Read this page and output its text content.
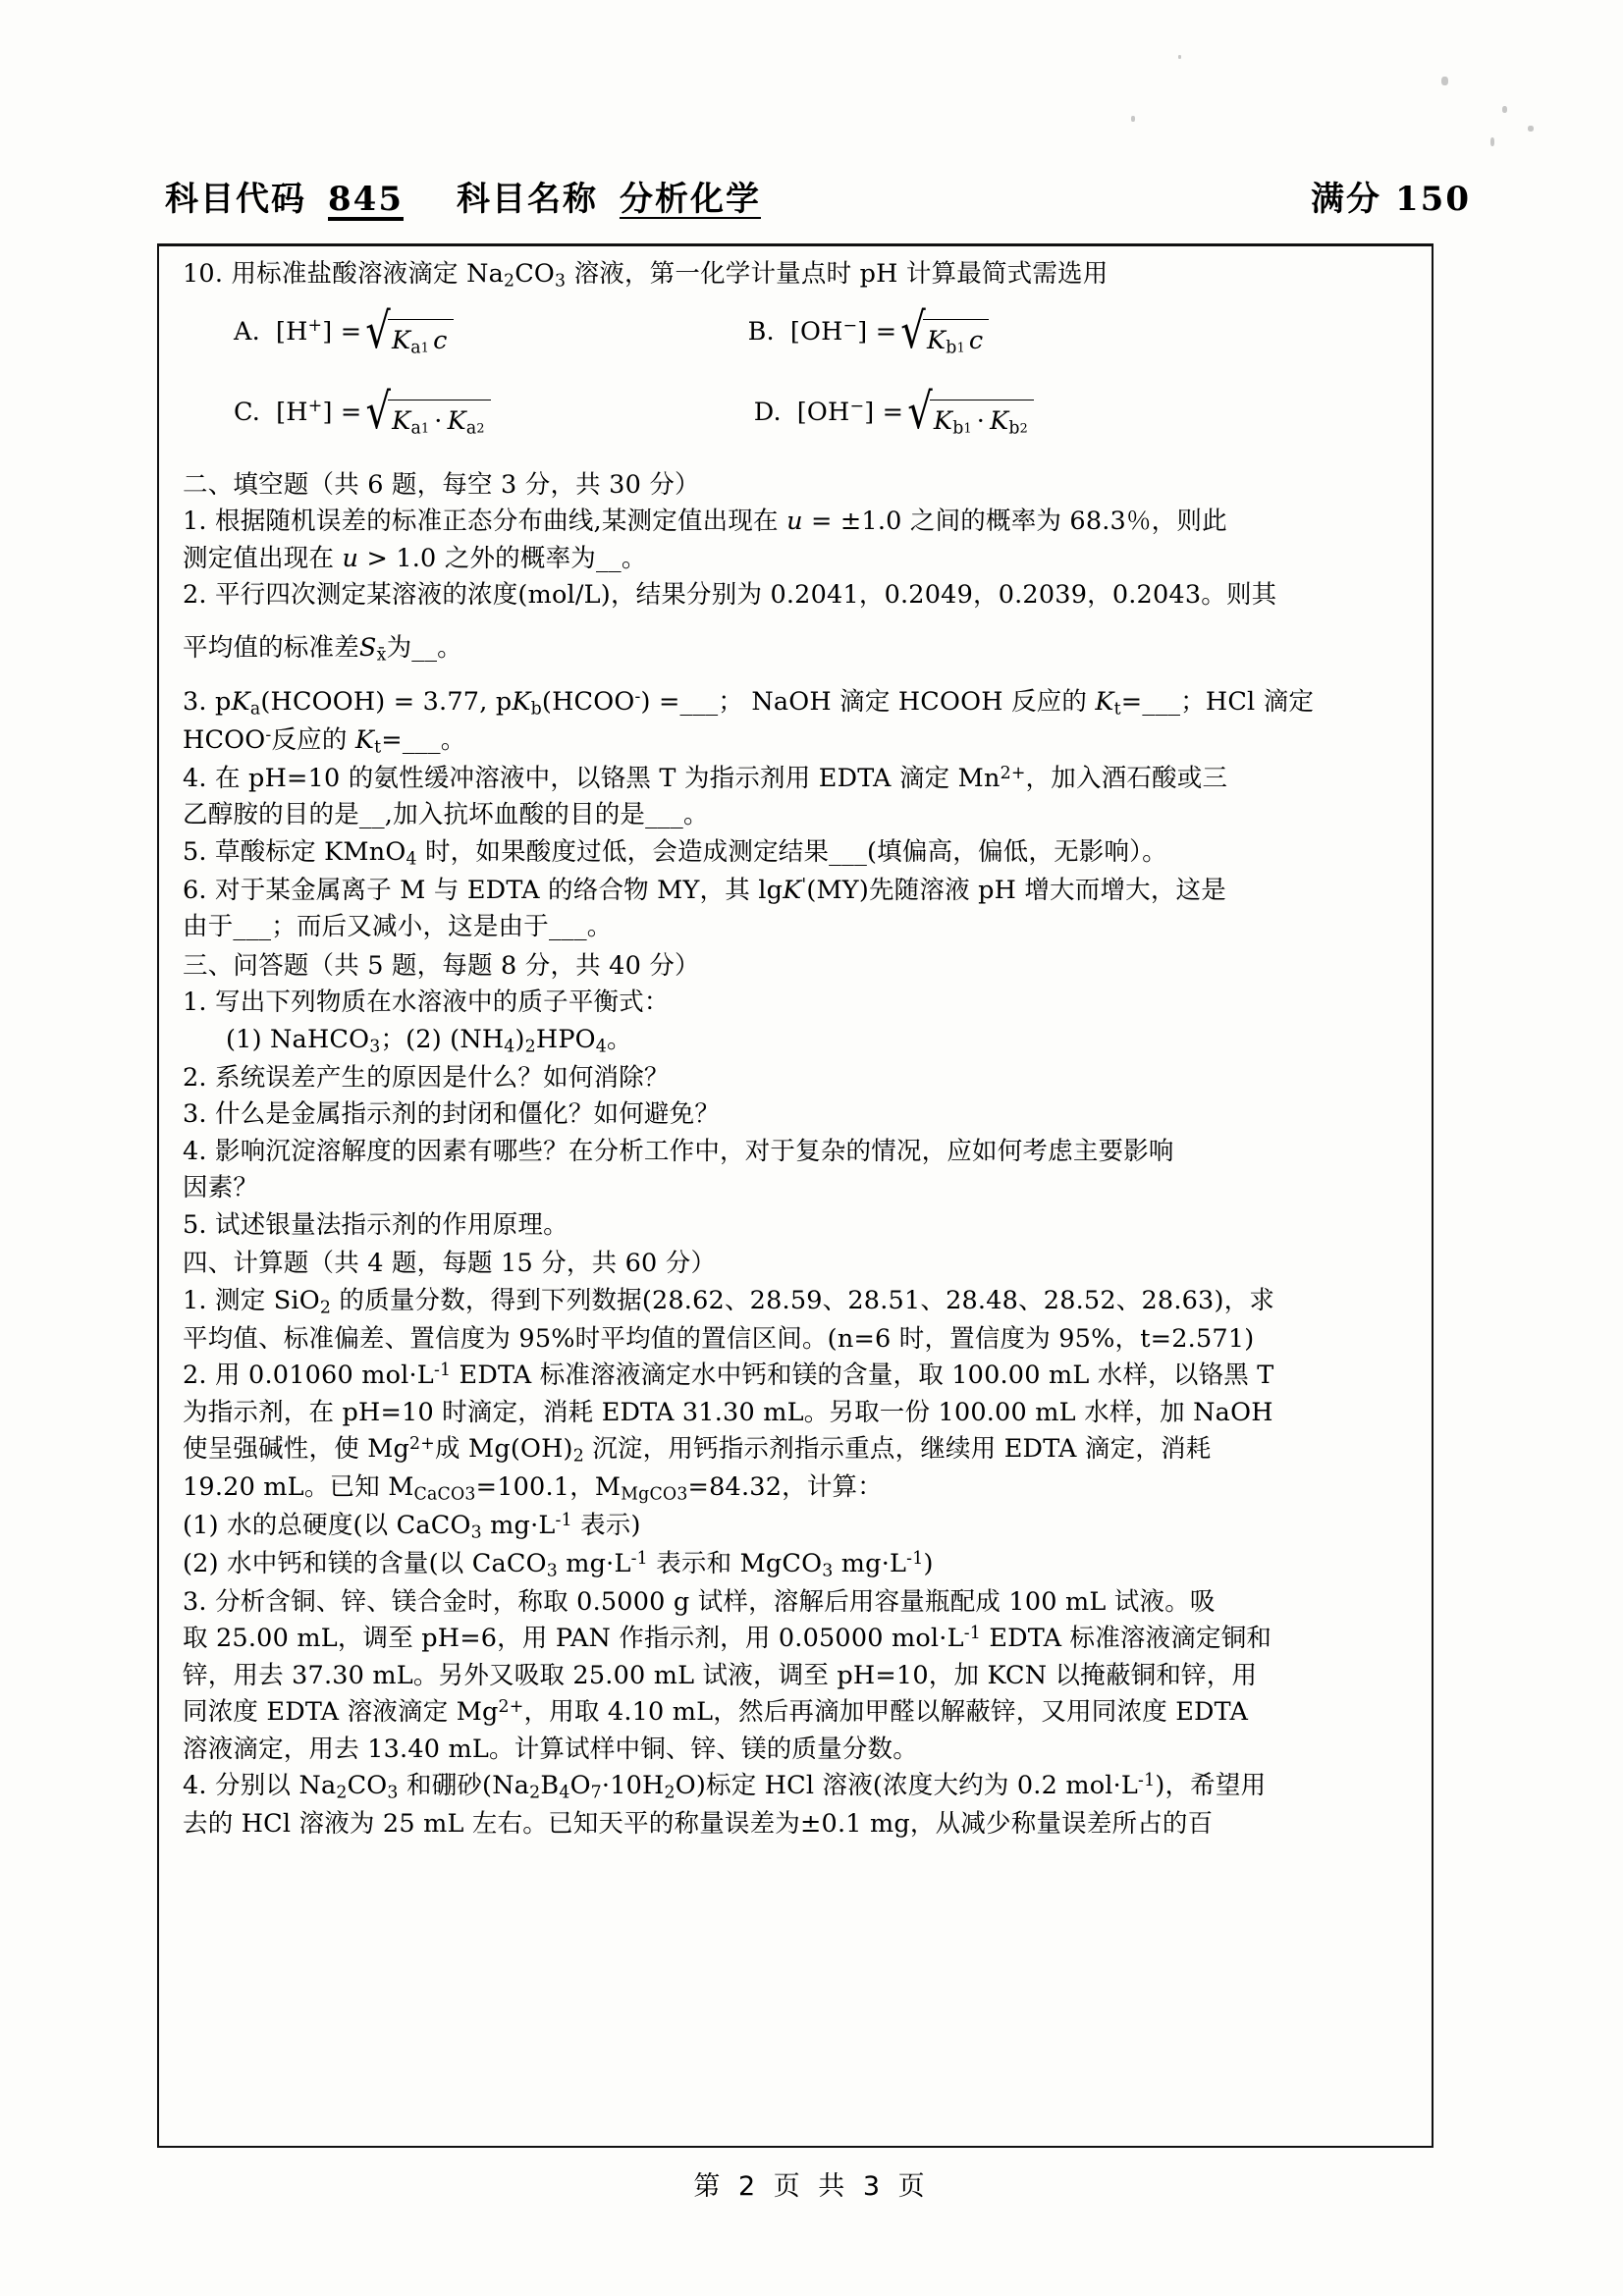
科目代码 845 科目名称 分析化学	满分 150
10. 用标准盐酸溶液滴定 $Na_2CO_3$ 溶液，第一化学计量点时 pH 计算最简式需选用
A. [H+ ] = √ $K_{a1}$ c	B. [OH− ] = √ $K_{b1}$ c
C. [H+ ] = √ $K_{a1} \cdot K_{a2}$
D. [OH− ] = √ $K_{b1} \cdot K_{b2}$
二、填空题（共 6 题，每空 3 分，共 30 分）
1. 根据随机误差的标准正态分布曲线,某测定值出现在 u = ±1.0 之间的概率为 68.3％，则此
测定值出现在 u > 1.0 之外的概率为__。
2. 平行四次测定某溶液的浓度(mol/L)，结果分别为 0.2041，0.2049，0.2039，0.2043。则其
平均值的标准差$S_{x̄}$为__。
3. $pK_a(HCOOH) = 3.77$, $pK_b(HCOO^-)$ =___； NaOH 滴定 HCOOH 反应的 $K_t=\_\_\_$；HCl 滴定
HCOO-反应的 $K_t=\_\_\_$。
4. 在 pH=10 的氨性缓冲溶液中，以铬黑 T 为指示剂用 EDTA 滴定 $Mn^{2+}$，加入酒石酸或三
乙醇胺的目的是__,加入抗坏血酸的目的是___。
5. 草酸标定 KMnO$_4$ 时，如果酸度过低，会造成测定结果___(填偏高，偏低，无影响）。
6. 对于某金属离子 M 与 EDTA 的络合物 MY，其 lgK'(MY)先随溶液 pH 增大而增大，这是
由于___；而后又减小，这是由于___。
三、问答题（共 5 题，每题 8 分，共 40 分）
1. 写出下列物质在水溶液中的质子平衡式：
(1) NaHCO$_3$；(2) $(NH_4)_2HPO_4$。
2. 系统误差产生的原因是什么？如何消除？
3. 什么是金属指示剂的封闭和僵化？如何避免？
4. 影响沉淀溶解度的因素有哪些？在分析工作中，对于复杂的情况，应如何考虑主要影响
因素？
5. 试述银量法指示剂的作用原理。
四、计算题（共 4 题，每题 15 分，共 60 分）
1. 测定 SiO$_2$ 的质量分数，得到下列数据(28.62、28.59、28.51、28.48、28.52、28.63)，求
平均值、标准偏差、置信度为 95%时平均值的置信区间。(n=6 时，置信度为 95%，t=2.571)
2. 用 0.01060 $mol\cdot L^{-1}$ EDTA 标准溶液滴定水中钙和镁的含量，取 100.00 mL 水样，以铬黑 T
为指示剂，在 pH=10 时滴定，消耗 EDTA 31.30 mL。另取一份 100.00 mL 水样，加 NaOH
使呈强碱性，使 $Mg^{2+}$成 $Mg(OH)_2$ 沉淀，用钙指示剂指示重点，继续用 EDTA 滴定，消耗
19.20 mL。已知 $M_{CaCO3}=100.1$，$M_{MgCO3}=84.32$，计算：
(1) 水的总硬度(以 CaCO$_3$ $mg\cdot L^{-1}$ 表示)
(2) 水中钙和镁的含量(以 CaCO$_3$ $mg\cdot L^{-1}$ 表示和 MgCO$_3$ $mg\cdot L^{-1}$)
3. 分析含铜、锌、镁合金时，称取 0.5000 g 试样，溶解后用容量瓶配成 100 mL 试液。吸
取 25.00 mL，调至 pH=6，用 PAN 作指示剂，用 0.05000 $mol\cdot L^{-1}$ EDTA 标准溶液滴定铜和
锌，用去 37.30 mL。另外又吸取 25.00 mL 试液，调至 pH=10，加 KCN 以掩蔽铜和锌，用
同浓度 EDTA 溶液滴定 $Mg^{2+}$，用取 4.10 mL，然后再滴加甲醛以解蔽锌，又用同浓度 EDTA
溶液滴定，用去 13.40 mL。计算试样中铜、锌、镁的质量分数。
4. 分别以 $Na_2CO_3$ 和硼砂$(Na_2B_4O_7\cdot 10H_2O)$标定 HCl 溶液(浓度大约为 0.2 $mol\cdot L^{-1}$)，希望用
去的 HCl 溶液为 25 mL 左右。已知天平的称量误差为±0.1 mg，从减少称量误差所占的百
第 2 页 共 3 页
